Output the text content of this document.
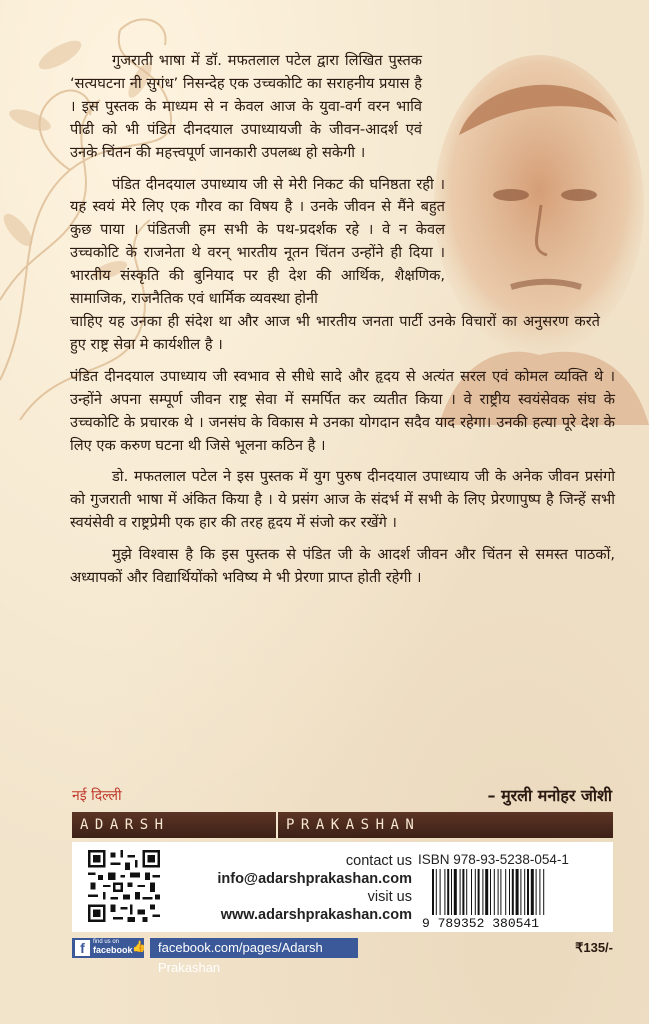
गुजराती भाषा में डॉ. मफतलाल पटेल द्वारा लिखित पुस्तक ‘सत्यघटना नी सुगंध’ निसन्देह एक उच्चकोटि का सराहनीय प्रयास है । इस पुस्तक के माध्यम से न केवल आज के युवा-वर्ग वरन भावि पीढी को भी पंडित दीनदयाल उपाध्यायजी के जीवन-आदर्श एवं उनके चिंतन की महत्त्वपूर्ण जानकारी उपलब्ध हो सकेगी ।

पंडित दीनदयाल उपाध्याय जी से मेरी निकट की घनिष्ठता रही । यह स्वयं मेरे लिए एक गौरव का विषय है । उनके जीवन से मैंने बहुत कुछ पाया । पंडितजी हम सभी के पथ-प्रदर्शक रहे । वे न केवल उच्चकोटि के राजनेता थे वरन् भारतीय नूतन चिंतन उन्होंने ही दिया । भारतीय संस्कृति की बुनियाद पर ही देश की आर्थिक, शैक्षणिक, सामाजिक, राजनैतिक एवं धार्मिक व्यवस्था होनी

चाहिए यह उनका ही संदेश था और आज भी भारतीय जनता पार्टी उनके विचारों का अनुसरण करते हुए राष्ट्र सेवा मे कार्यशील है ।

पंडित दीनदयाल उपाध्याय जी स्वभाव से सीधे सादे और हृदय से अत्यंत सरल एवं कोमल व्यक्ति थे । उन्होंने अपना सम्पूर्ण जीवन राष्ट्र सेवा में समर्पित कर व्यतीत किया । वे राष्ट्रीय स्वयंसेवक संघ के उच्चकोटि के प्रचारक थे । जनसंघ के विकास मे उनका योगदान सदैव याद रहेगा। उनकी हत्या पूरे देश के लिए एक करुण घटना थी जिसे भूलना कठिन है ।

डो. मफतलाल पटेल ने इस पुस्तक में युग पुरुष दीनदयाल उपाध्याय जी के अनेक जीवन प्रसंगो को गुजराती भाषा में अंकित किया है । ये प्रसंग आज के संदर्भ में सभी के लिए प्रेरणापुष्प है जिन्हें सभी स्वयंसेवी व राष्ट्रप्रेमी एक हार की तरह हृदय में संजो कर रखेंगे ।

मुझे विश्वास है कि इस पुस्तक से पंडित जी के आदर्श जीवन और चिंतन से समस्त पाठकों, अध्यापकों और विद्यार्थियोंको भविष्य मे भी प्रेरणा प्राप्त होती रहेगी ।

नई दिल्ली	– मुरली मनोहर जोशी
ADARSH	PRAKASHAN
contact us
info@adarshprakashan.com
visit us
www.adarshprakashan.com
ISBN 978-93-5238-054-1
9 789352 380541
f	find us on
facebook 👍 facebook.com/pages/Adarsh Prakashan
₹135/-
